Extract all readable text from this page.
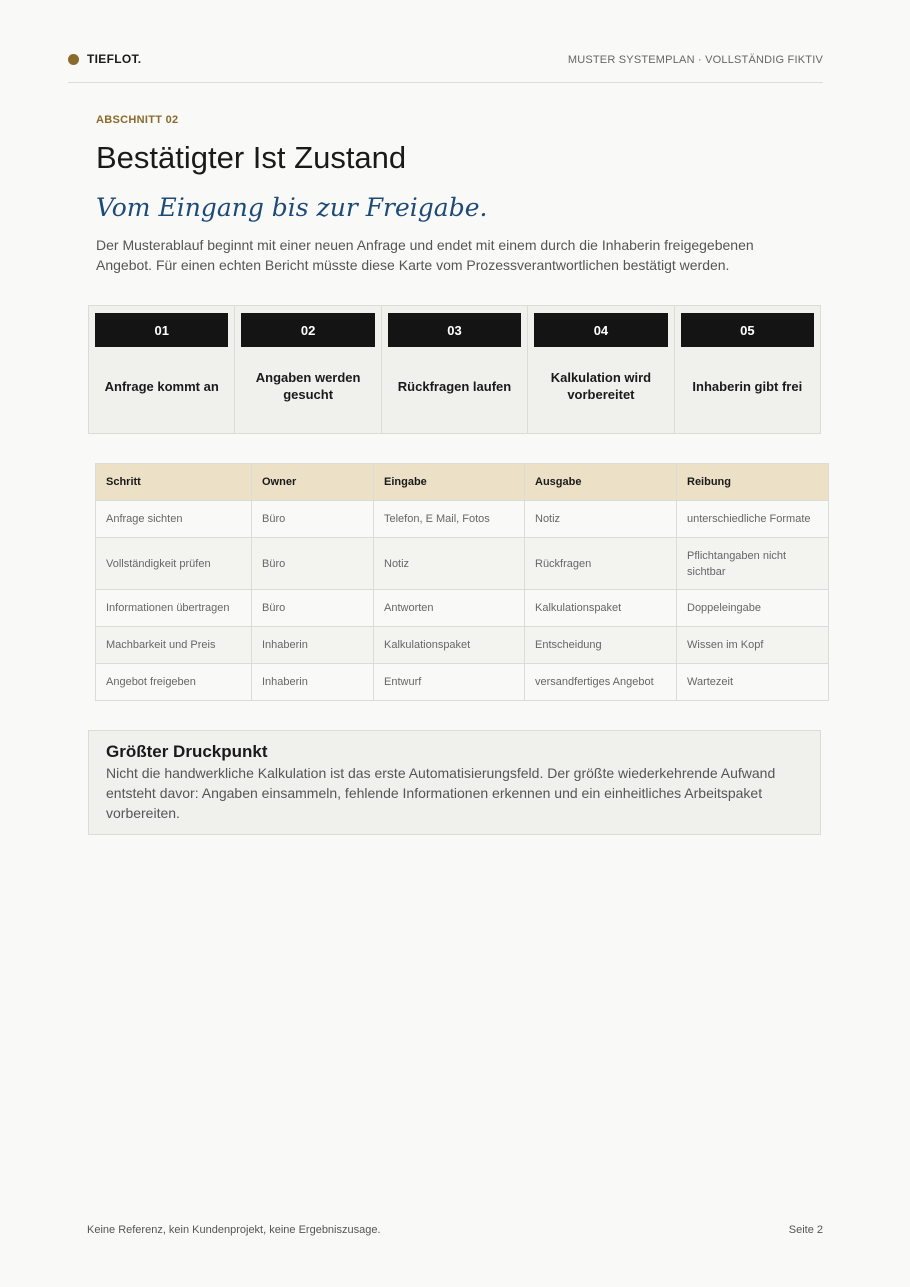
TIEFLOT.	MUSTER SYSTEMPLAN · VOLLSTÄNDIG FIKTIV
ABSCHNITT 02
Bestätigter Ist Zustand
Vom Eingang bis zur Freigabe.
Der Musterablauf beginnt mit einer neuen Anfrage und endet mit einem durch die Inhaberin freigegebenen Angebot. Für einen echten Bericht müsste diese Karte vom Prozessverantwortlichen bestätigt werden.
01
Anfrage kommt an
02
Angaben werden gesucht
03
Rückfragen laufen
04
Kalkulation wird vorbereitet
05
Inhaberin gibt frei
Schritt	Owner	Eingabe	Ausgabe	Reibung
Anfrage sichten	Büro	Telefon, E Mail, Fotos	Notiz	unterschiedliche Formate
Vollständigkeit prüfen	Büro	Notiz	Rückfragen	Pflichtangaben nicht sichtbar
Informationen übertragen	Büro	Antworten	Kalkulationspaket	Doppeleingabe
Machbarkeit und Preis	Inhaberin	Kalkulationspaket	Entscheidung	Wissen im Kopf
Angebot freigeben	Inhaberin	Entwurf	versandfertiges Angebot	Wartezeit
Größter Druckpunkt
Nicht die handwerkliche Kalkulation ist das erste Automatisierungsfeld. Der größte wiederkehrende Aufwand entsteht davor: Angaben einsammeln, fehlende Informationen erkennen und ein einheitliches Arbeitspaket vorbereiten.
Keine Referenz, kein Kundenprojekt, keine Ergebniszusage.	Seite 2
